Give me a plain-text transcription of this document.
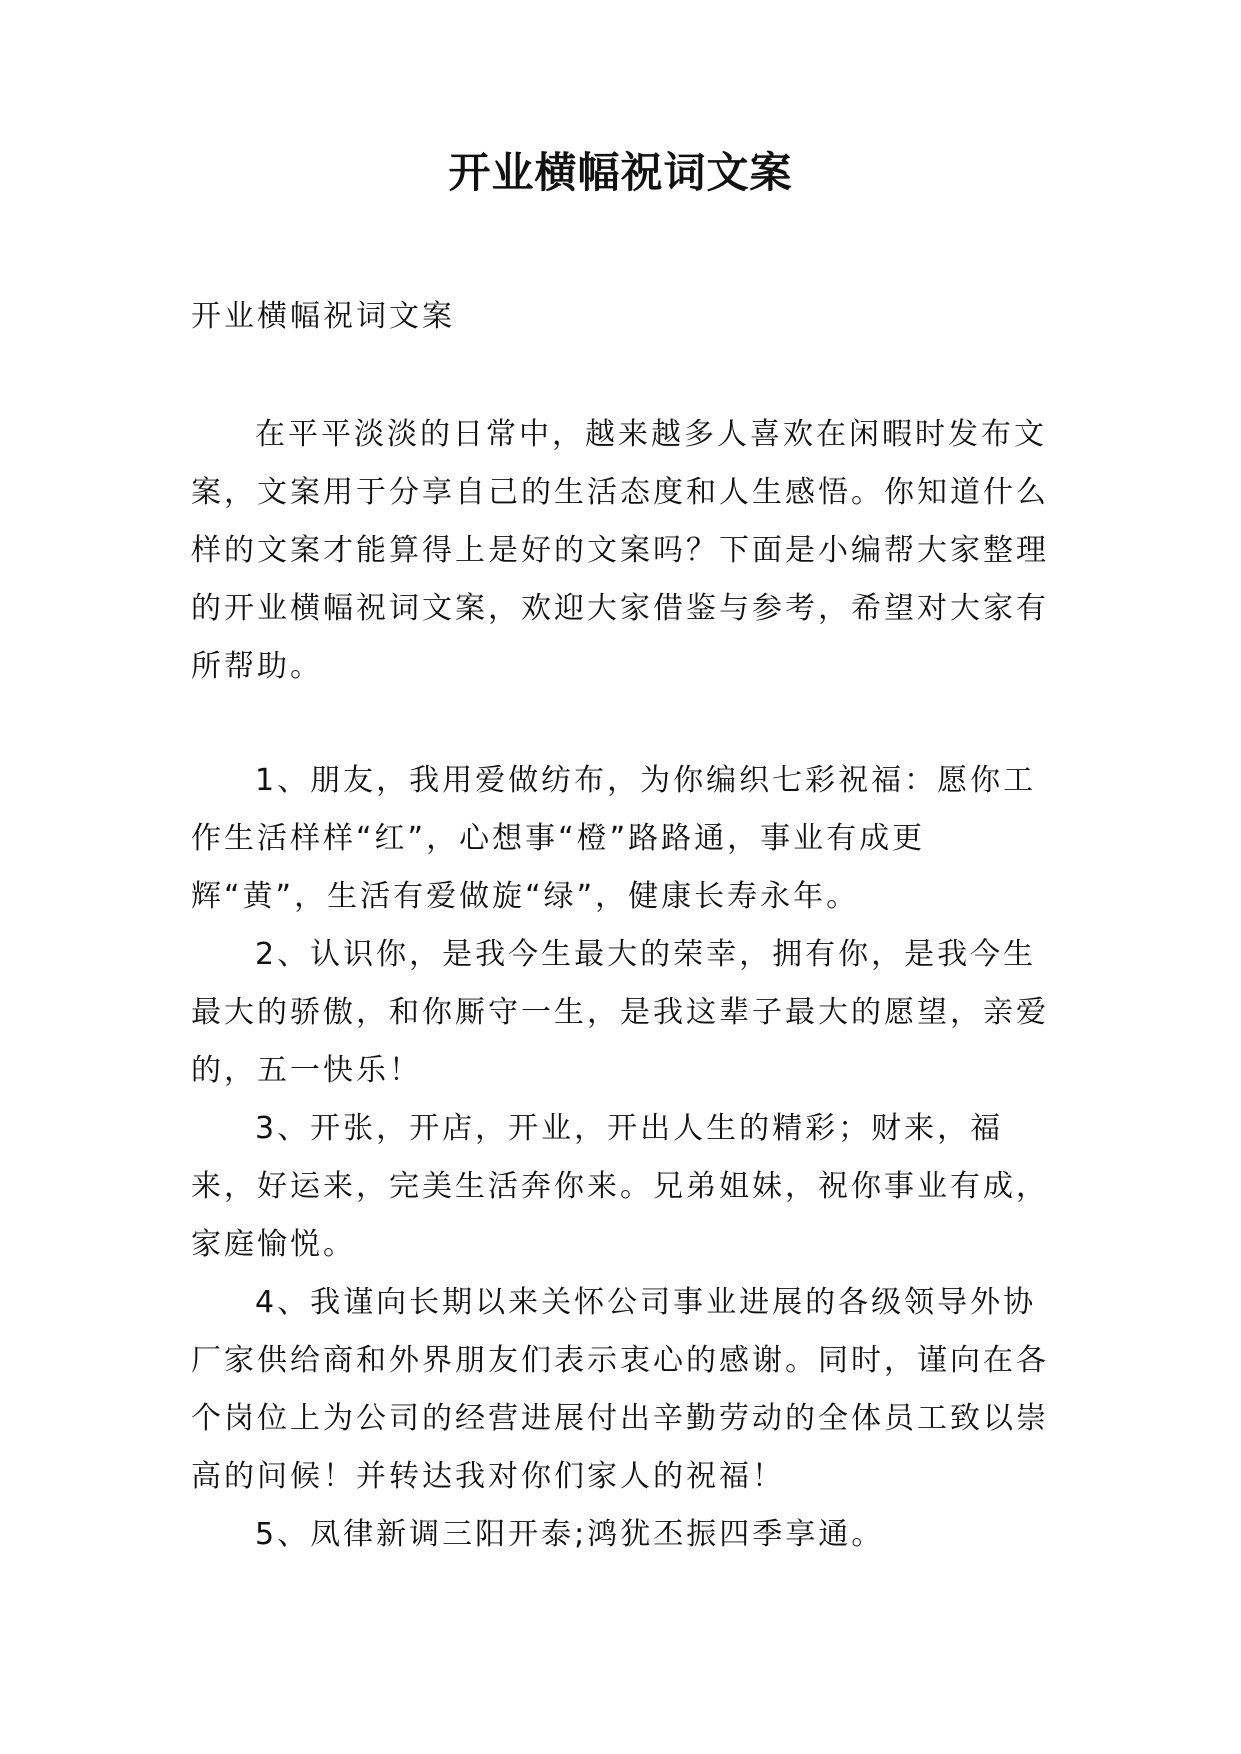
开业横幅祝词文案

开业横幅祝词文案

在平平淡淡的日常中，越来越多人喜欢在闲暇时发布文案，文案用于分享自己的生活态度和人生感悟。你知道什么样的文案才能算得上是好的文案吗？下面是小编帮大家整理的开业横幅祝词文案，欢迎大家借鉴与参考，希望对大家有所帮助。

1、朋友，我用爱做纺布，为你编织七彩祝福：愿你工作生活样样“红”，心想事“橙”路路通，事业有成更辉“黄”，生活有爱做旋“绿”，健康长寿永年。

2、认识你，是我今生最大的荣幸，拥有你，是我今生最大的骄傲，和你厮守一生，是我这辈子最大的愿望，亲爱的，五一快乐！

3、开张，开店，开业，开出人生的精彩；财来，福来，好运来，完美生活奔你来。兄弟姐妹，祝你事业有成，家庭愉悦。

4、我谨向长期以来关怀公司事业进展的各级领导外协厂家供给商和外界朋友们表示衷心的感谢。同时，谨向在各个岗位上为公司的经营进展付出辛勤劳动的全体员工致以崇高的问候！并转达我对你们家人的祝福！

5、凤律新调三阳开泰;鸿犹丕振四季享通。
